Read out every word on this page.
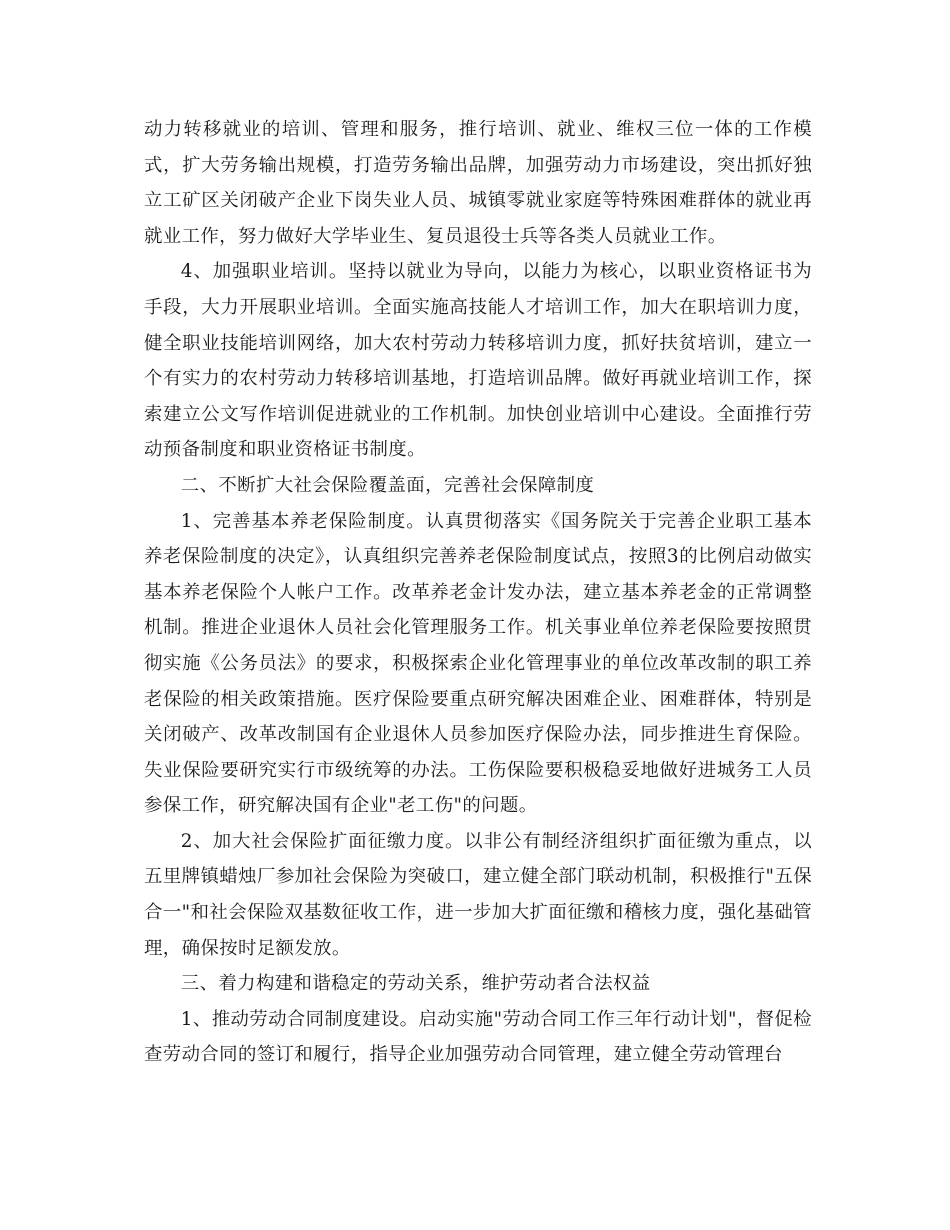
动力转移就业的培训、管理和服务，推行培训、就业、维权三位一体的工作模式，扩大劳务输出规模，打造劳务输出品牌，加强劳动力市场建设，突出抓好独立工矿区关闭破产企业下岗失业人员、城镇零就业家庭等特殊困难群体的就业再就业工作，努力做好大学毕业生、复员退役士兵等各类人员就业工作。

4、加强职业培训。坚持以就业为导向，以能力为核心，以职业资格证书为手段，大力开展职业培训。全面实施高技能人才培训工作，加大在职培训力度，健全职业技能培训网络，加大农村劳动力转移培训力度，抓好扶贫培训，建立一个有实力的农村劳动力转移培训基地，打造培训品牌。做好再就业培训工作，探索建立公文写作培训促进就业的工作机制。加快创业培训中心建设。全面推行劳动预备制度和职业资格证书制度。

二、不断扩大社会保险覆盖面，完善社会保障制度

1、完善基本养老保险制度。认真贯彻落实《国务院关于完善企业职工基本养老保险制度的决定》，认真组织完善养老保险制度试点，按照3的比例启动做实基本养老保险个人帐户工作。改革养老金计发办法，建立基本养老金的正常调整机制。推进企业退休人员社会化管理服务工作。机关事业单位养老保险要按照贯彻实施《公务员法》的要求，积极探索企业化管理事业的单位改革改制的职工养老保险的相关政策措施。医疗保险要重点研究解决困难企业、困难群体，特别是关闭破产、改革改制国有企业退休人员参加医疗保险办法，同步推进生育保险。失业保险要研究实行市级统筹的办法。工伤保险要积极稳妥地做好进城务工人员参保工作，研究解决国有企业"老工伤"的问题。

2、加大社会保险扩面征缴力度。以非公有制经济组织扩面征缴为重点，以五里牌镇蜡烛厂参加社会保险为突破口，建立健全部门联动机制，积极推行"五保合一"和社会保险双基数征收工作，进一步加大扩面征缴和稽核力度，强化基础管理，确保按时足额发放。

三、着力构建和谐稳定的劳动关系，维护劳动者合法权益

1、推动劳动合同制度建设。启动实施"劳动合同工作三年行动计划"，督促检查劳动合同的签订和履行，指导企业加强劳动合同管理，建立健全劳动管理台
